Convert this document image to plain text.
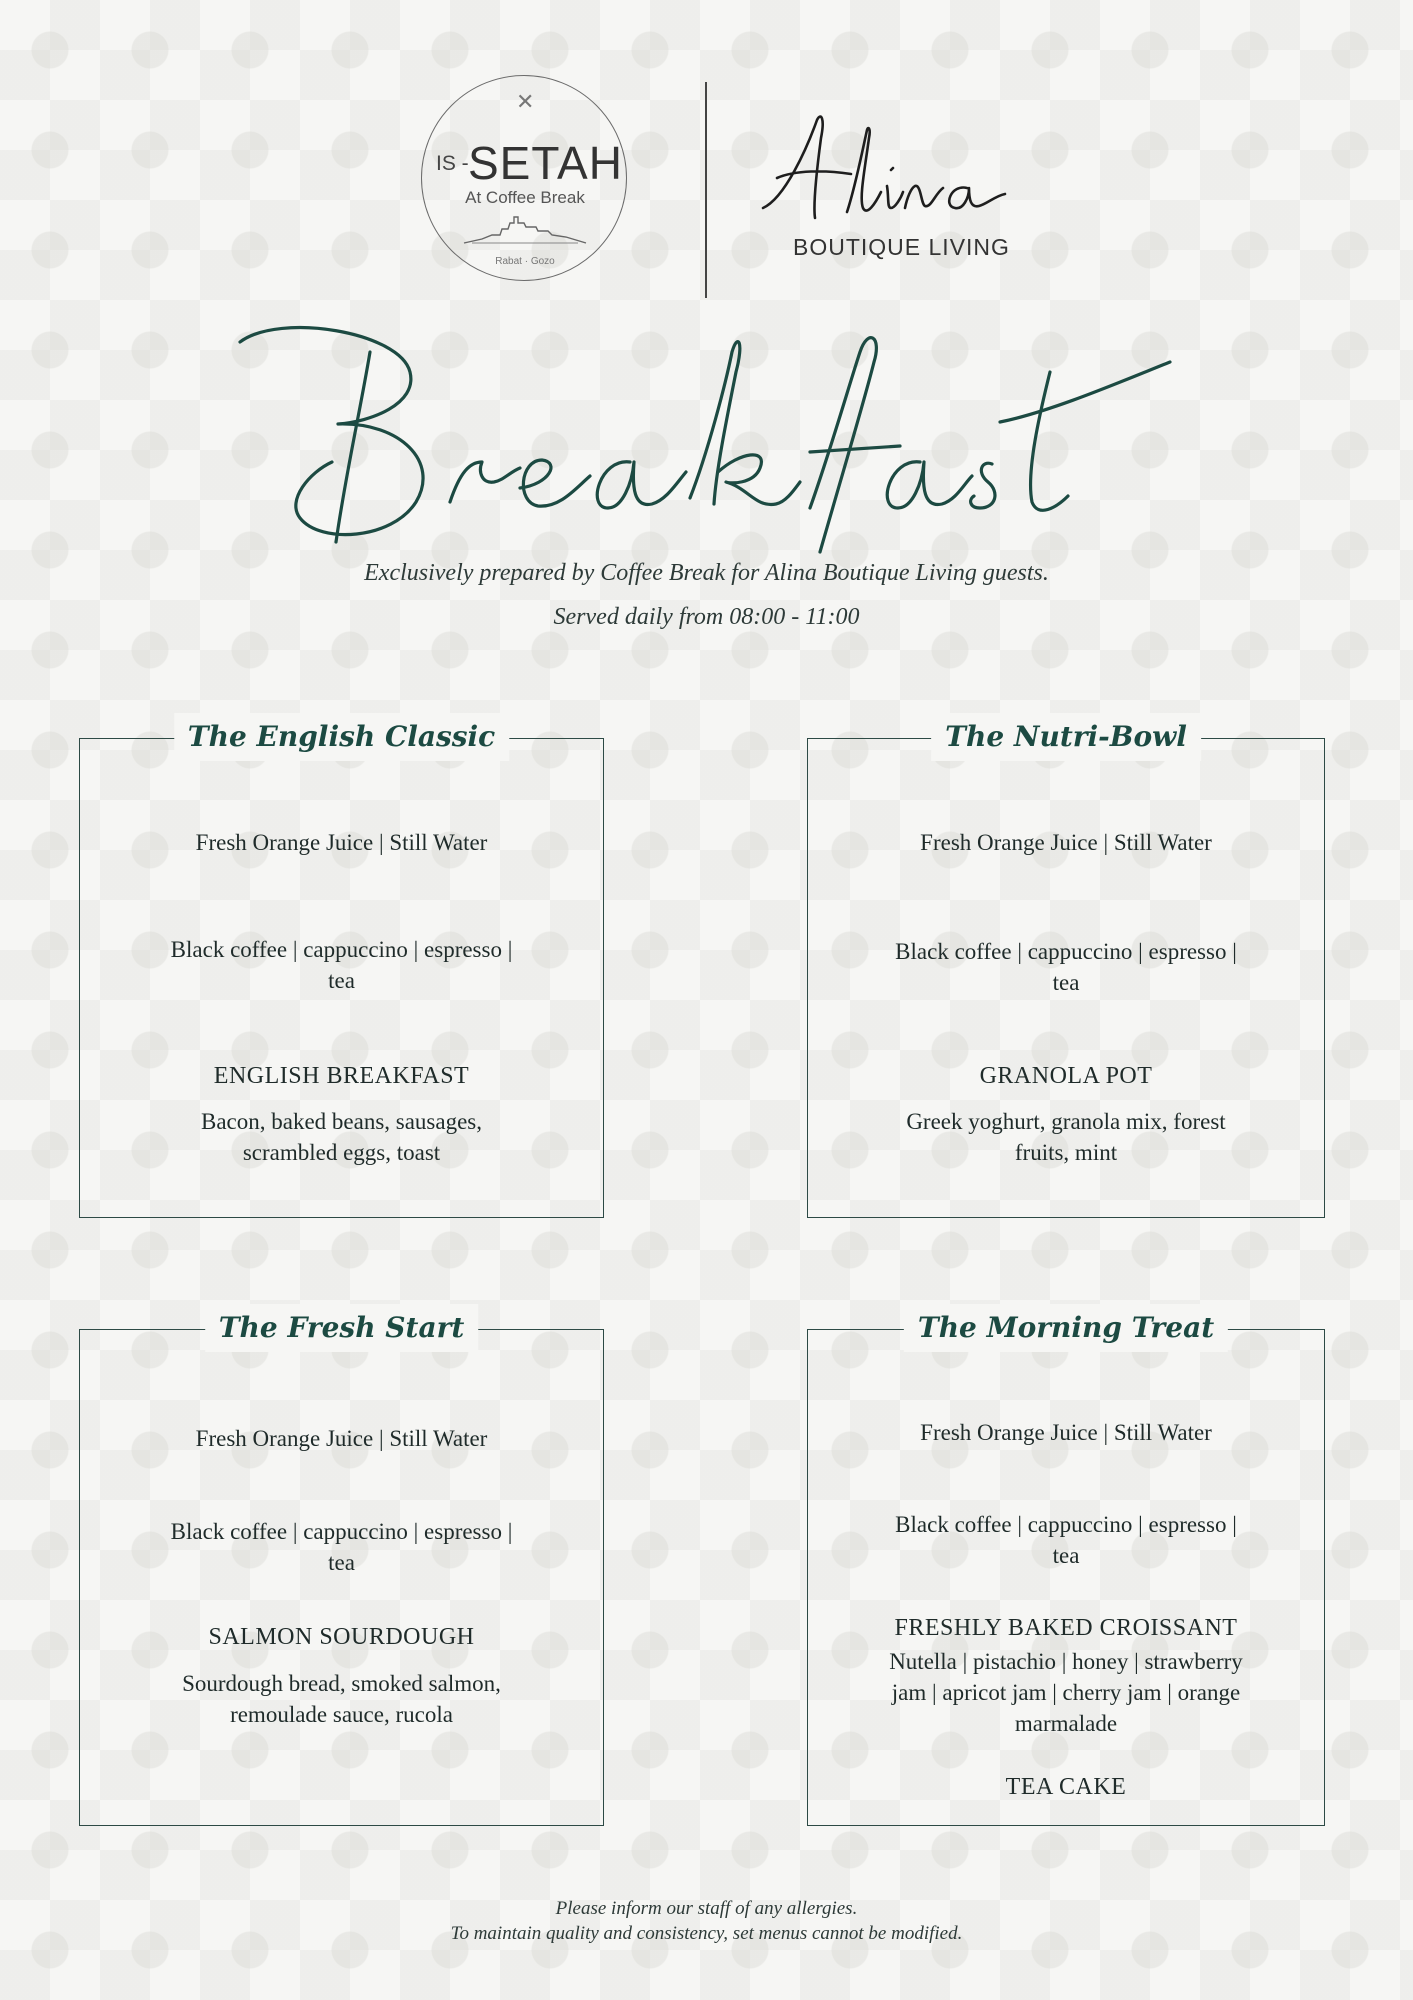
✕
IS - SETAH
At Coffee Break
Rabat · Gozo
BOUTIQUE LIVING
Exclusively prepared by Coffee Break for Alina Boutique Living guests.
Served daily from 08:00 - 11:00
The English Classic
Fresh Orange Juice | Still Water
Black coffee | cappuccino | espresso |
tea
ENGLISH BREAKFAST
Bacon, baked beans, sausages,
scrambled eggs, toast
The Nutri-Bowl
Fresh Orange Juice | Still Water
Black coffee | cappuccino | espresso |
tea
GRANOLA POT
Greek yoghurt, granola mix, forest
fruits, mint
The Fresh Start
Fresh Orange Juice | Still Water
Black coffee | cappuccino | espresso |
tea
SALMON SOURDOUGH
Sourdough bread, smoked salmon,
remoulade sauce, rucola
The Morning Treat
Fresh Orange Juice | Still Water
Black coffee | cappuccino | espresso |
tea
FRESHLY BAKED CROISSANT
Nutella | pistachio | honey | strawberry
jam | apricot jam | cherry jam | orange
marmalade
TEA CAKE
Please inform our staff of any allergies.
To maintain quality and consistency, set menus cannot be modified.
